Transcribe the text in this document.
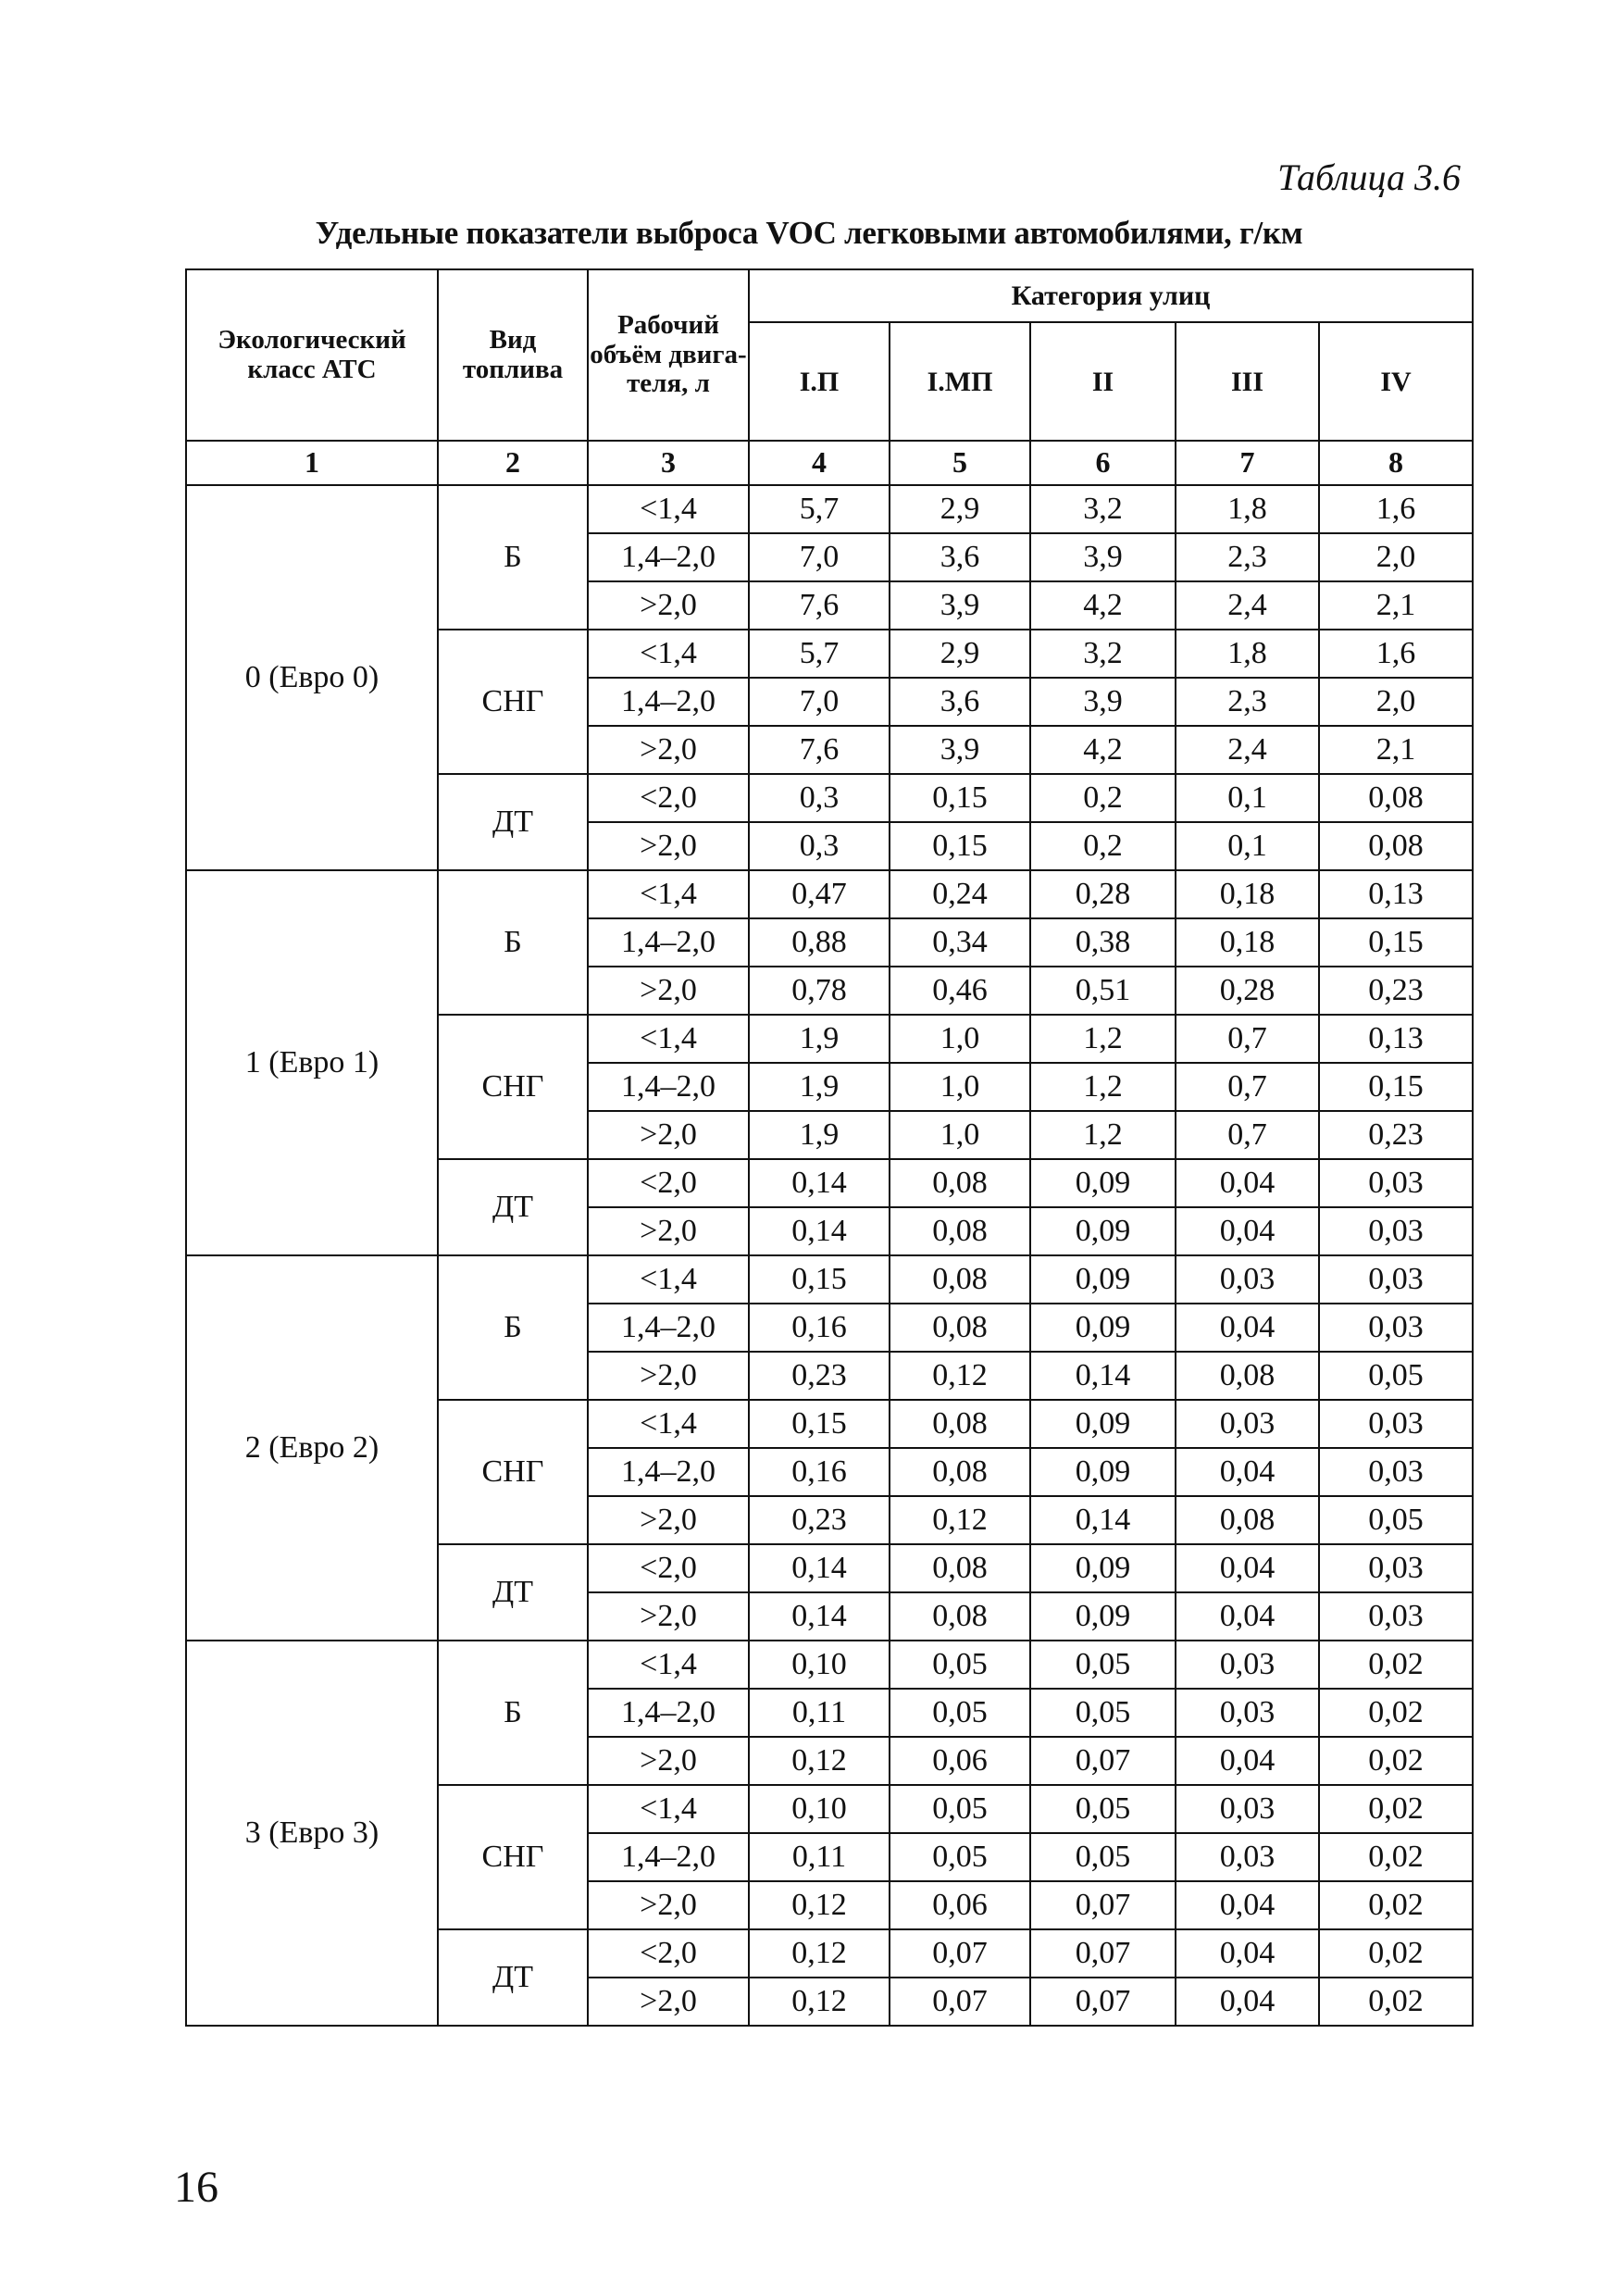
Таблица 3.6
Удельные показатели выброса VOC легковыми автомобилями, г/км
Экологический класс АТС	Вид топлива	Рабочий объём двига-теля, л	Категория улиц				
			I.П	I.МП	II	III	IV
1	2	3	4	5	6	7	8
0 (Евро 0)	Б	<1,4	5,7	2,9	3,2	1,8	1,6
		1,4–2,0	7,0	3,6	3,9	2,3	2,0
		>2,0	7,6	3,9	4,2	2,4	2,1
	СНГ	<1,4	5,7	2,9	3,2	1,8	1,6
		1,4–2,0	7,0	3,6	3,9	2,3	2,0
		>2,0	7,6	3,9	4,2	2,4	2,1
	ДТ	<2,0	0,3	0,15	0,2	0,1	0,08
		>2,0	0,3	0,15	0,2	0,1	0,08
1 (Евро 1)	Б	<1,4	0,47	0,24	0,28	0,18	0,13
		1,4–2,0	0,88	0,34	0,38	0,18	0,15
		>2,0	0,78	0,46	0,51	0,28	0,23
	СНГ	<1,4	1,9	1,0	1,2	0,7	0,13
		1,4–2,0	1,9	1,0	1,2	0,7	0,15
		>2,0	1,9	1,0	1,2	0,7	0,23
	ДТ	<2,0	0,14	0,08	0,09	0,04	0,03
		>2,0	0,14	0,08	0,09	0,04	0,03
2 (Евро 2)	Б	<1,4	0,15	0,08	0,09	0,03	0,03
		1,4–2,0	0,16	0,08	0,09	0,04	0,03
		>2,0	0,23	0,12	0,14	0,08	0,05
	СНГ	<1,4	0,15	0,08	0,09	0,03	0,03
		1,4–2,0	0,16	0,08	0,09	0,04	0,03
		>2,0	0,23	0,12	0,14	0,08	0,05
	ДТ	<2,0	0,14	0,08	0,09	0,04	0,03
		>2,0	0,14	0,08	0,09	0,04	0,03
3 (Евро 3)	Б	<1,4	0,10	0,05	0,05	0,03	0,02
		1,4–2,0	0,11	0,05	0,05	0,03	0,02
		>2,0	0,12	0,06	0,07	0,04	0,02
	СНГ	<1,4	0,10	0,05	0,05	0,03	0,02
		1,4–2,0	0,11	0,05	0,05	0,03	0,02
		>2,0	0,12	0,06	0,07	0,04	0,02
	ДТ	<2,0	0,12	0,07	0,07	0,04	0,02
		>2,0	0,12	0,07	0,07	0,04	0,02
16
